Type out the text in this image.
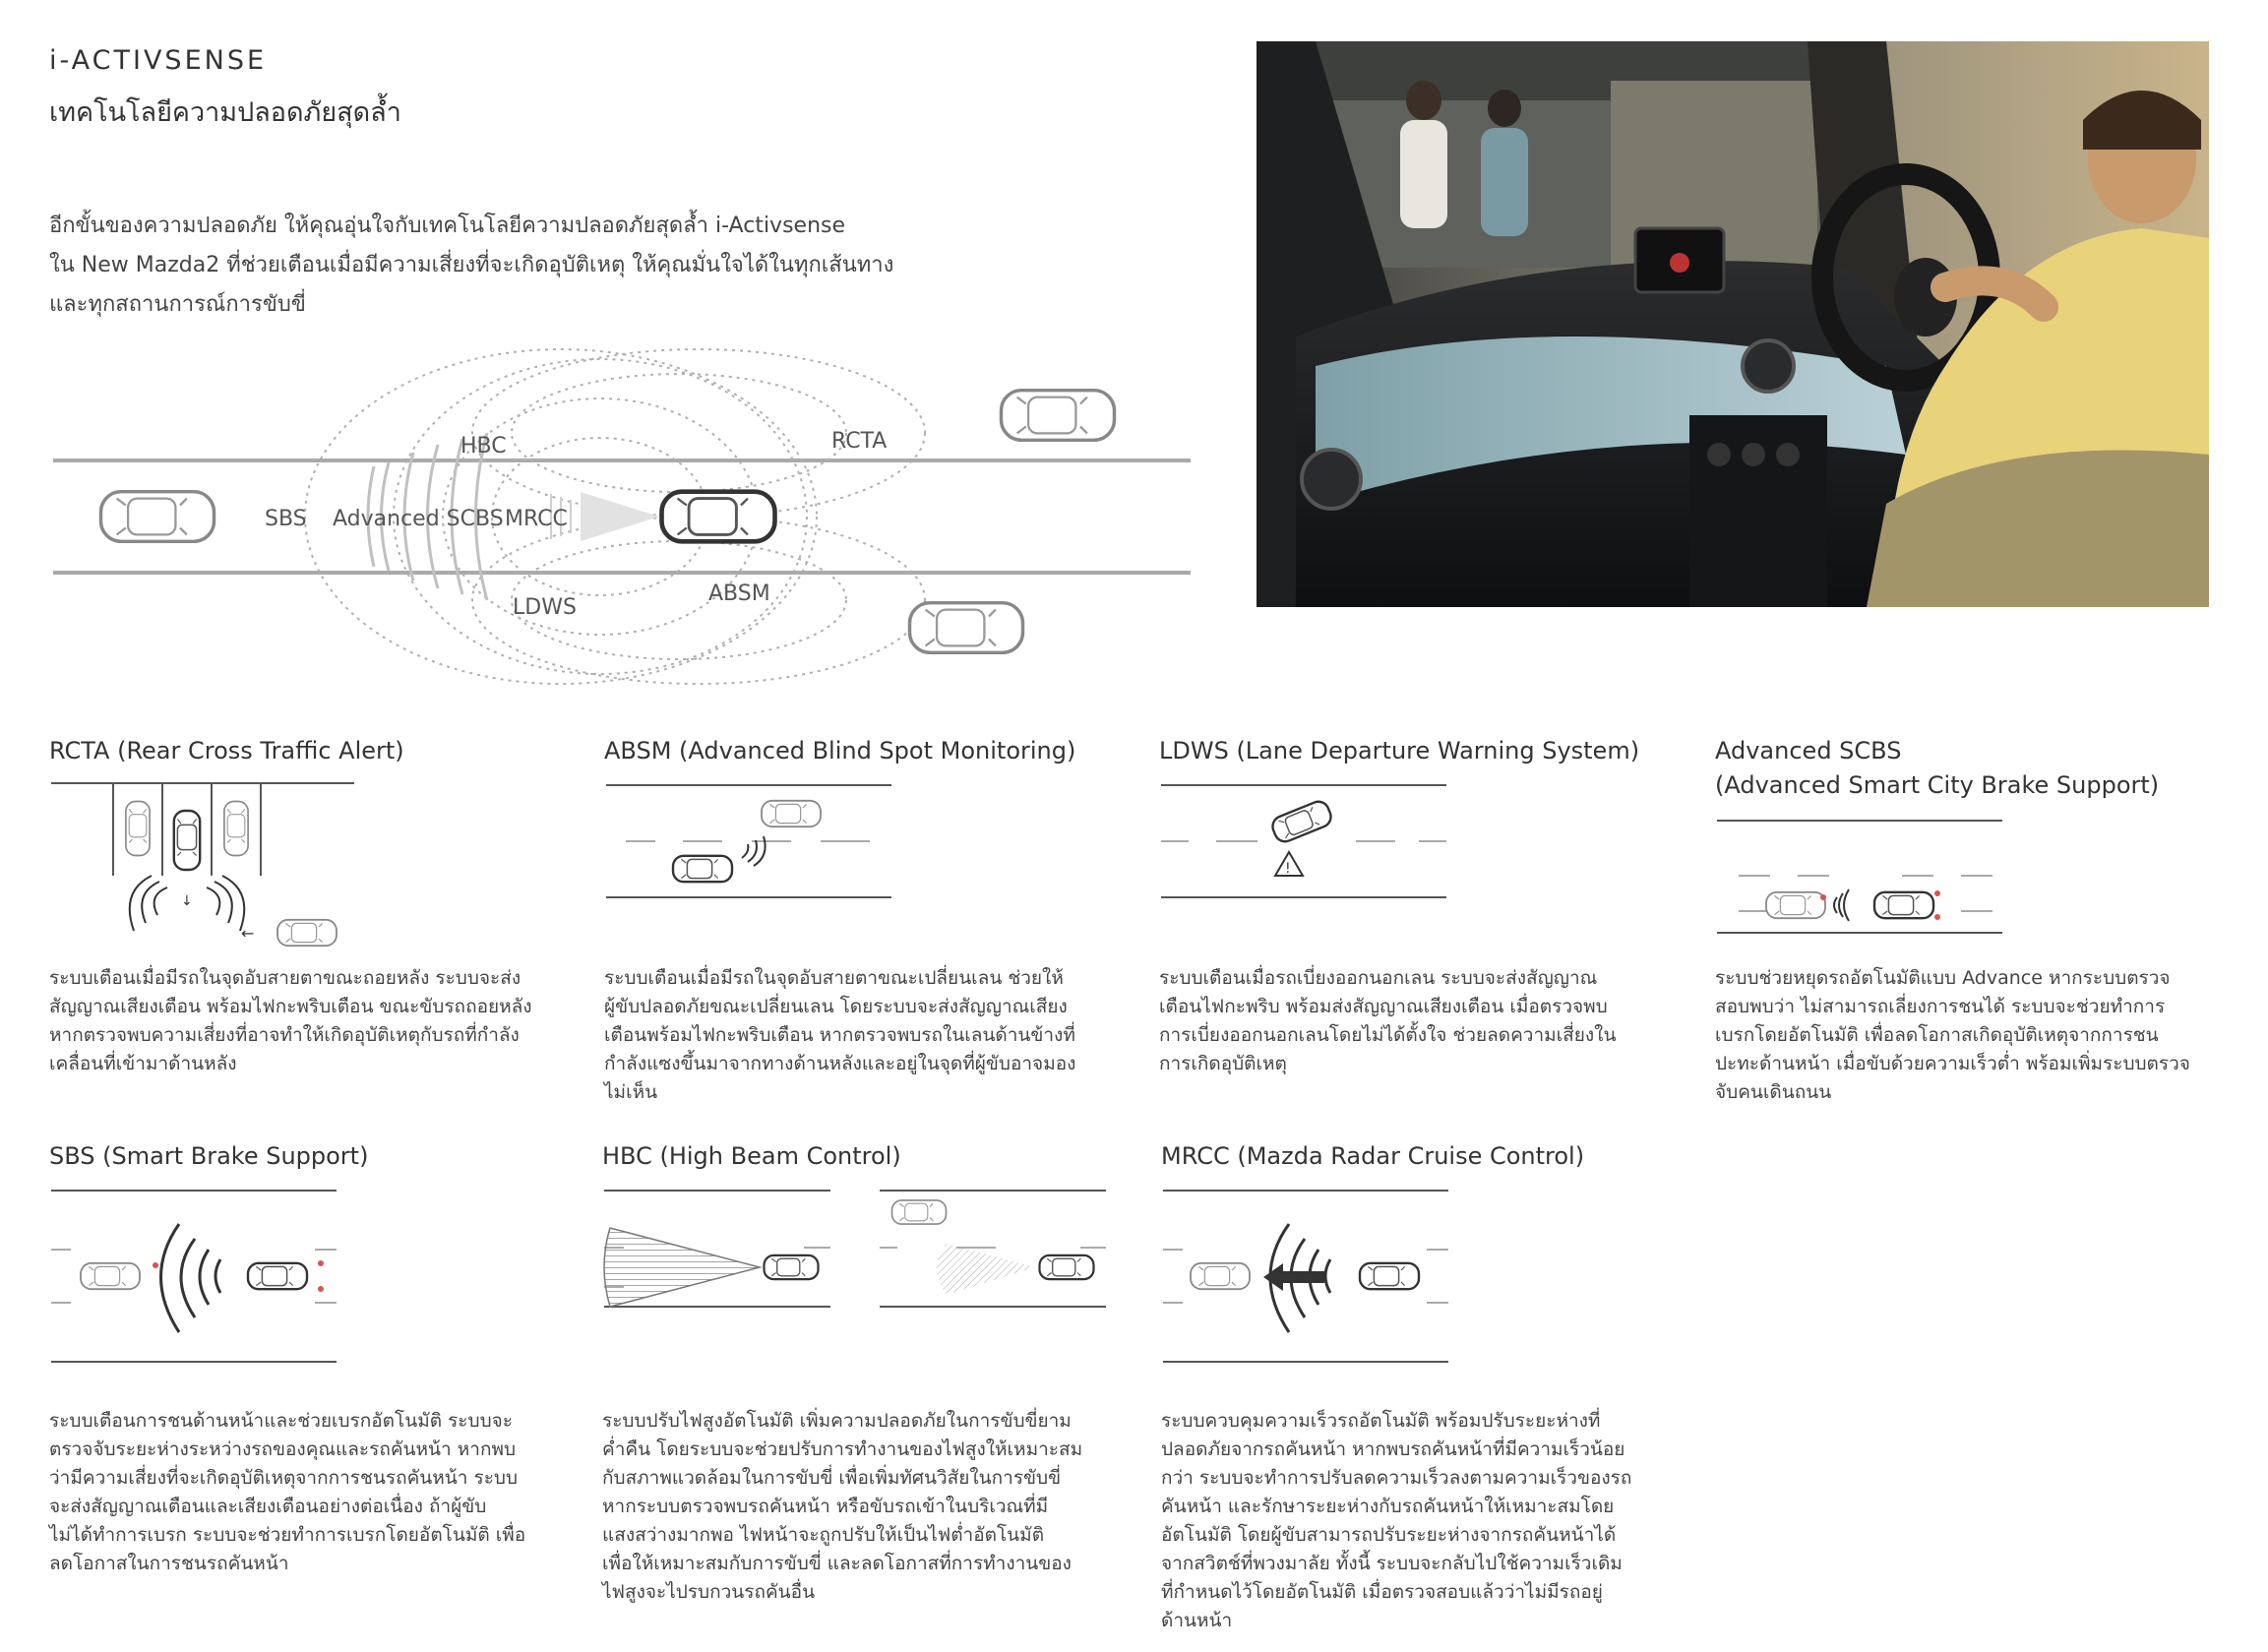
i-ACTIVSENSE
เทคโนโลยีความปลอดภัยสุดล้ำ
อีกขั้นของความปลอดภัย ให้คุณอุ่นใจกับเทคโนโลยีความปลอดภัยสุดล้ำ i-Activsense
ใน New Mazda2 ที่ช่วยเตือนเมื่อมีความเสี่ยงที่จะเกิดอุบัติเหตุ ให้คุณมั่นใจได้ในทุกเส้นทาง
และทุกสถานการณ์การขับขี่
HBC	RCTA
SBS Advanced SCBS MRCC
LDWS
ABSM
RCTA (Rear Cross Traffic Alert)
↓
←
ระบบเตือนเมื่อมีรถในจุดอับสายตาขณะถอยหลัง ระบบจะส่ง
สัญญาณเสียงเตือน พร้อมไฟกะพริบเตือน ขณะขับรถถอยหลัง
หากตรวจพบความเสี่ยงที่อาจทำให้เกิดอุบัติเหตุกับรถที่กำลัง
เคลื่อนที่เข้ามาด้านหลัง
ABSM (Advanced Blind Spot Monitoring)
ระบบเตือนเมื่อมีรถในจุดอับสายตาขณะเปลี่ยนเลน ช่วยให้
ผู้ขับปลอดภัยขณะเปลี่ยนเลน โดยระบบจะส่งสัญญาณเสียง
เตือนพร้อมไฟกะพริบเตือน หากตรวจพบรถในเลนด้านข้างที่
กำลังแซงขึ้นมาจากทางด้านหลังและอยู่ในจุดที่ผู้ขับอาจมอง
ไม่เห็น
LDWS (Lane Departure Warning System)
!
ระบบเตือนเมื่อรถเบี่ยงออกนอกเลน ระบบจะส่งสัญญาณ
เตือนไฟกะพริบ พร้อมส่งสัญญาณเสียงเตือน เมื่อตรวจพบ
การเบี่ยงออกนอกเลนโดยไม่ได้ตั้งใจ ช่วยลดความเสี่ยงใน
การเกิดอุบัติเหตุ
Advanced SCBS
(Advanced Smart City Brake Support)
ระบบช่วยหยุดรถอัตโนมัติแบบ Advance หากระบบตรวจ
สอบพบว่า ไม่สามารถเลี่ยงการชนได้ ระบบจะช่วยทำการ
เบรกโดยอัตโนมัติ เพื่อลดโอกาสเกิดอุบัติเหตุจากการชน
ปะทะด้านหน้า เมื่อขับด้วยความเร็วต่ำ พร้อมเพิ่มระบบตรวจ
จับคนเดินถนน
SBS (Smart Brake Support)
ระบบเตือนการชนด้านหน้าและช่วยเบรกอัตโนมัติ ระบบจะ
ตรวจจับระยะห่างระหว่างรถของคุณและรถคันหน้า หากพบ
ว่ามีความเสี่ยงที่จะเกิดอุบัติเหตุจากการชนรถคันหน้า ระบบ
จะส่งสัญญาณเตือนและเสียงเตือนอย่างต่อเนื่อง ถ้าผู้ขับ
ไม่ได้ทำการเบรก ระบบจะช่วยทำการเบรกโดยอัตโนมัติ เพื่อ
ลดโอกาสในการชนรถคันหน้า
HBC (High Beam Control)
ระบบปรับไฟสูงอัตโนมัติ เพิ่มความปลอดภัยในการขับขี่ยาม
ค่ำคืน โดยระบบจะช่วยปรับการทำงานของไฟสูงให้เหมาะสม
กับสภาพแวดล้อมในการขับขี่ เพื่อเพิ่มทัศนวิสัยในการขับขี่
หากระบบตรวจพบรถคันหน้า หรือขับรถเข้าในบริเวณที่มี
แสงสว่างมากพอ ไฟหน้าจะถูกปรับให้เป็นไฟต่ำอัตโนมัติ
เพื่อให้เหมาะสมกับการขับขี่ และลดโอกาสที่การทำงานของ
ไฟสูงจะไปรบกวนรถคันอื่น
MRCC (Mazda Radar Cruise Control)
ระบบควบคุมความเร็วรถอัตโนมัติ พร้อมปรับระยะห่างที่
ปลอดภัยจากรถคันหน้า หากพบรถคันหน้าที่มีความเร็วน้อย
กว่า ระบบจะทำการปรับลดความเร็วลงตามความเร็วของรถ
คันหน้า และรักษาระยะห่างกับรถคันหน้าให้เหมาะสมโดย
อัตโนมัติ โดยผู้ขับสามารถปรับระยะห่างจากรถคันหน้าได้
จากสวิตช์ที่พวงมาลัย ทั้งนี้ ระบบจะกลับไปใช้ความเร็วเดิม
ที่กำหนดไว้โดยอัตโนมัติ เมื่อตรวจสอบแล้วว่าไม่มีรถอยู่
ด้านหน้า
